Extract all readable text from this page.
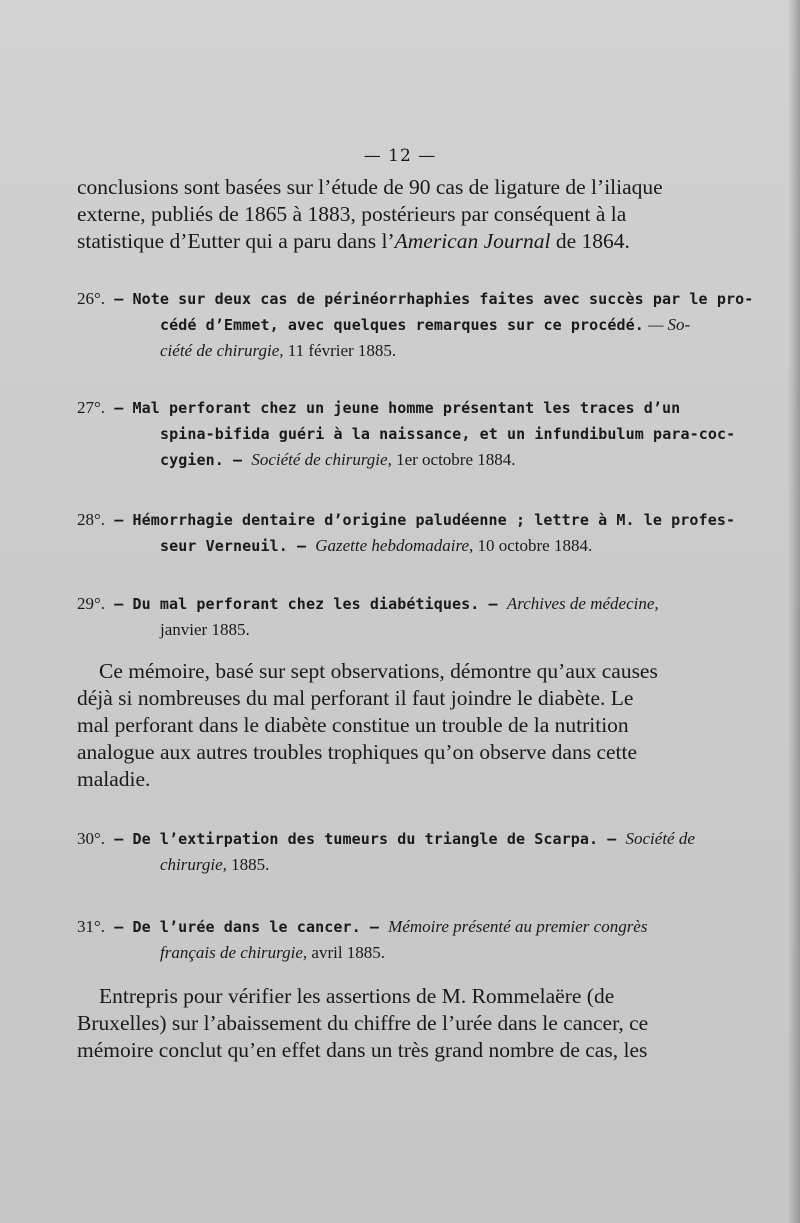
— 12 —
conclusions sont basées sur l’étude de 90 cas de ligature de l’iliaque
externe, publiés de 1865 à 1883, postérieurs par conséquent à la
statistique d’Eutter qui a paru dans l’American Journal de 1864.
26°. — Note sur deux cas de périnéorrhaphies faites avec succès par le pro-
cédé d’Emmet, avec quelques remarques sur ce procédé. — So-
ciété de chirurgie, 11 février 1885.
27°. — Mal perforant chez un jeune homme présentant les traces d’un
spina-bifida guéri à la naissance, et un infundibulum para-coc-
cygien. — Société de chirurgie, 1er octobre 1884.
28°. — Hémorrhagie dentaire d’origine paludéenne ; lettre à M. le profes-
seur Verneuil. — Gazette hebdomadaire, 10 octobre 1884.
29°. — Du mal perforant chez les diabétiques. — Archives de médecine,
janvier 1885.
Ce mémoire, basé sur sept observations, démontre qu’aux causes
déjà si nombreuses du mal perforant il faut joindre le diabète. Le
mal perforant dans le diabète constitue un trouble de la nutrition
analogue aux autres troubles trophiques qu’on observe dans cette
maladie.
30°. — De l’extirpation des tumeurs du triangle de Scarpa. — Société de
chirurgie, 1885.
31°. — De l’urée dans le cancer. — Mémoire présenté au premier congrès
français de chirurgie, avril 1885.
Entrepris pour vérifier les assertions de M. Rommelaëre (de
Bruxelles) sur l’abaissement du chiffre de l’urée dans le cancer, ce
mémoire conclut qu’en effet dans un très grand nombre de cas, les
